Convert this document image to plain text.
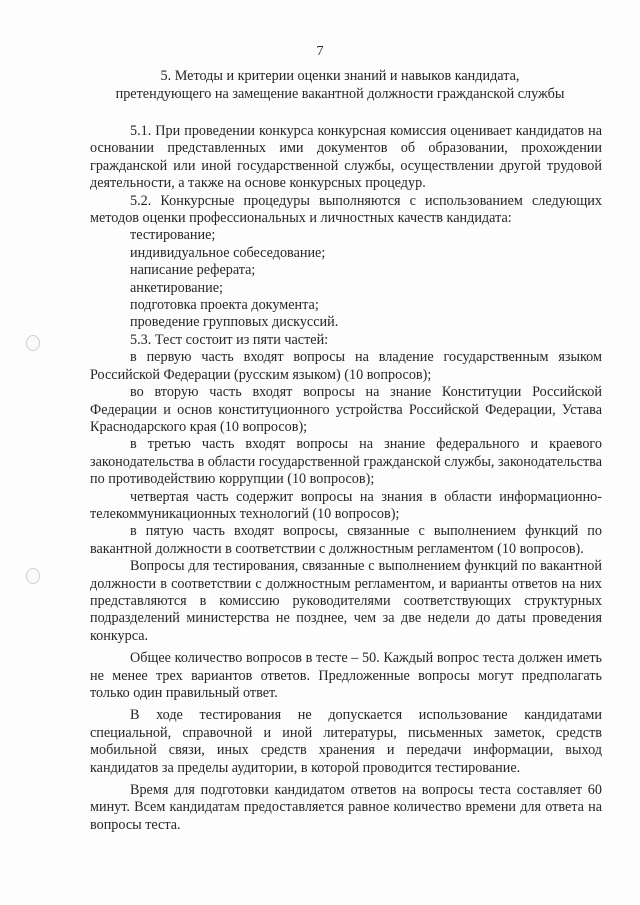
7
5. Методы и критерии оценки знаний и навыков кандидата,
претендующего на замещение вакантной должности гражданской службы

5.1. При проведении конкурса конкурсная комиссия оценивает кандидатов на основании представленных ими документов об образовании, прохождении гражданской или иной государственной службы, осуществлении другой трудовой деятельности, а также на основе конкурсных процедур.

5.2. Конкурсные процедуры выполняются с использованием следующих методов оценки профессиональных и личностных качеств кандидата:

тестирование;

индивидуальное собеседование;

написание реферата;

анкетирование;

подготовка проекта документа;

проведение групповых дискуссий.

5.3. Тест состоит из пяти частей:

в первую часть входят вопросы на владение государственным языком Российской Федерации (русским языком) (10 вопросов);

во вторую часть входят вопросы на знание Конституции Российской Федерации и основ конституционного устройства Российской Федерации, Устава Краснодарского края (10 вопросов);

в третью часть входят вопросы на знание федерального и краевого законодательства в области государственной гражданской службы, законодательства по противодействию коррупции (10 вопросов);

четвертая часть содержит вопросы на знания в области информационно-телекоммуникационных технологий (10 вопросов);

в пятую часть входят вопросы, связанные с выполнением функций по вакантной должности в соответствии с должностным регламентом (10 вопросов).

Вопросы для тестирования, связанные с выполнением функций по вакантной должности в соответствии с должностным регламентом, и варианты ответов на них представляются в комиссию руководителями соответствующих структурных подразделений министерства не позднее, чем за две недели до даты проведения конкурса.

Общее количество вопросов в тесте – 50. Каждый вопрос теста должен иметь не менее трех вариантов ответов. Предложенные вопросы могут предполагать только один правильный ответ.

В ходе тестирования не допускается использование кандидатами специальной, справочной и иной литературы, письменных заметок, средств мобильной связи, иных средств хранения и передачи информации, выход кандидатов за пределы аудитории, в которой проводится тестирование.

Время для подготовки кандидатом ответов на вопросы теста составляет 60 минут. Всем кандидатам предоставляется равное количество времени для ответа на вопросы теста.
